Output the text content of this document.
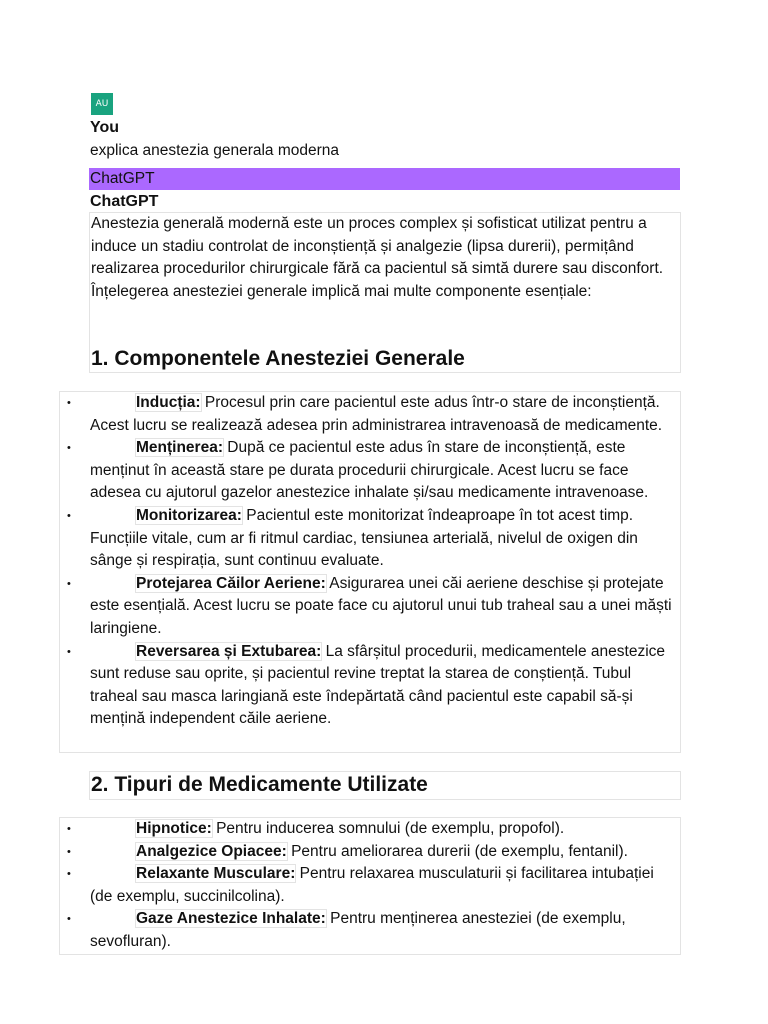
AU
You
explica anestezia generala moderna
ChatGPT
ChatGPT

Anestezia generală modernă este un proces complex și sofisticat utilizat pentru a induce un stadiu controlat de inconștiență și analgezie (lipsa durerii), permițând realizarea procedurilor chirurgicale fără ca pacientul să simtă durere sau disconfort. Înțelegerea anesteziei generale implică mai multe componente esențiale:

1. Componentele Anesteziei Generale
•	Inducția: Procesul prin care pacientul este adus într-o stare de inconștiență. Acest lucru se realizează adesea prin administrarea intravenoasă de medicamente.
•	Menținerea: După ce pacientul este adus în stare de inconștiență, este menținut în această stare pe durata procedurii chirurgicale. Acest lucru se face adesea cu ajutorul gazelor anestezice inhalate și/sau medicamente intravenoase.
•	Monitorizarea: Pacientul este monitorizat îndeaproape în tot acest timp. Funcțiile vitale, cum ar fi ritmul cardiac, tensiunea arterială, nivelul de oxigen din sânge și respirația, sunt continuu evaluate.
•	Protejarea Căilor Aeriene: Asigurarea unei căi aeriene deschise și protejate este esențială. Acest lucru se poate face cu ajutorul unui tub traheal sau a unei măști laringiene.
•	Reversarea și Extubarea: La sfârșitul procedurii, medicamentele anestezice sunt reduse sau oprite, și pacientul revine treptat la starea de conștiență. Tubul traheal sau masca laringiană este îndepărtată când pacientul este capabil să-și mențină independent căile aeriene.
2. Tipuri de Medicamente Utilizate
•	Hipnotice: Pentru inducerea somnului (de exemplu, propofol).
•	Analgezice Opiacee: Pentru ameliorarea durerii (de exemplu, fentanil).
•	Relaxante Musculare: Pentru relaxarea musculaturii și facilitarea intubației (de exemplu, succinilcolina).
•	Gaze Anestezice Inhalate: Pentru menținerea anesteziei (de exemplu, sevofluran).
